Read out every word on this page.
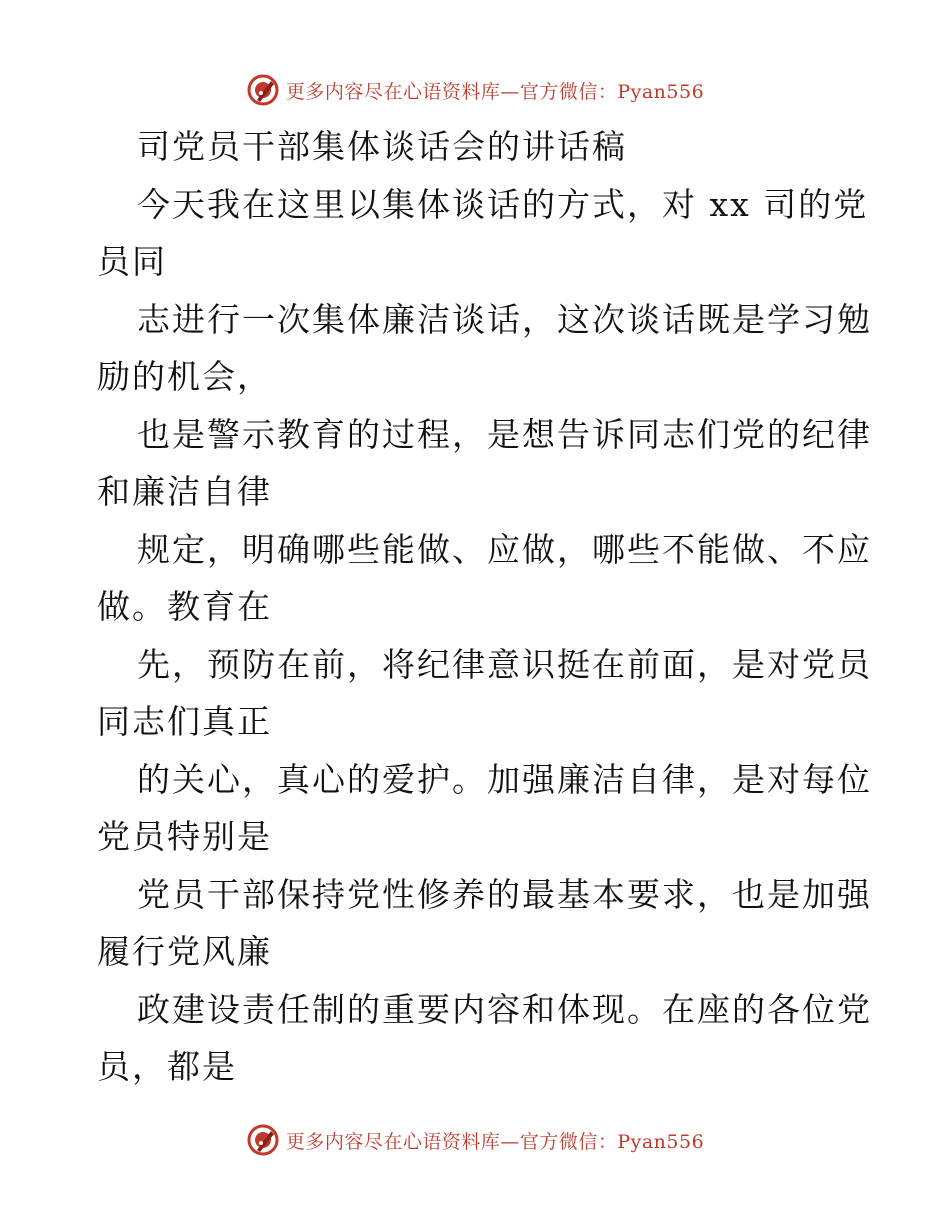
更多内容尽在心语资料库—官方微信：Pyan556
司党员干部集体谈话会的讲话稿
今天我在这里以集体谈话的方式，对 xx 司的党
员同
志进行一次集体廉洁谈话，这次谈话既是学习勉
励的机会，
也是警示教育的过程，是想告诉同志们党的纪律
和廉洁自律
规定，明确哪些能做、应做，哪些不能做、不应
做。教育在
先，预防在前，将纪律意识挺在前面，是对党员
同志们真正
的关心，真心的爱护。加强廉洁自律，是对每位
党员特别是
党员干部保持党性修养的最基本要求，也是加强
履行党风廉
政建设责任制的重要内容和体现。在座的各位党
员，都是
更多内容尽在心语资料库—官方微信：Pyan556
